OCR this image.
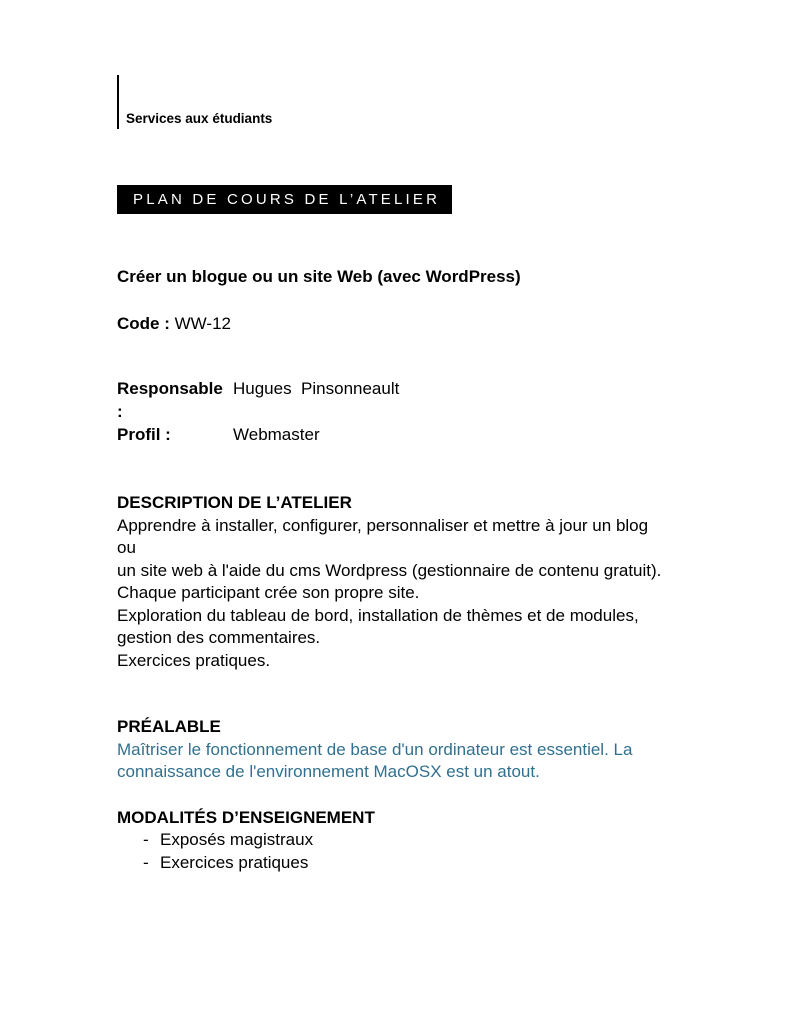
Services aux étudiants
PLAN DE COURS DE L’ATELIER
Créer un blogue ou un site Web (avec WordPress)
Code : WW-12
Responsable :
Hugues  Pinsonneault
Profil :	Webmaster
DESCRIPTION DE L’ATELIER
Apprendre à installer, configurer, personnaliser et mettre à jour un blog ou
un site web à l'aide du cms Wordpress (gestionnaire de contenu gratuit).
Chaque participant crée son propre site.
Exploration du tableau de bord, installation de thèmes et de modules,
gestion des commentaires.
Exercices pratiques.
PRÉALABLE
Maîtriser le fonctionnement de base d'un ordinateur est essentiel. La
connaissance de l'environnement MacOSX est un atout.
MODALITÉS D’ENSEIGNEMENT
- Exposés magistraux
- Exercices pratiques
